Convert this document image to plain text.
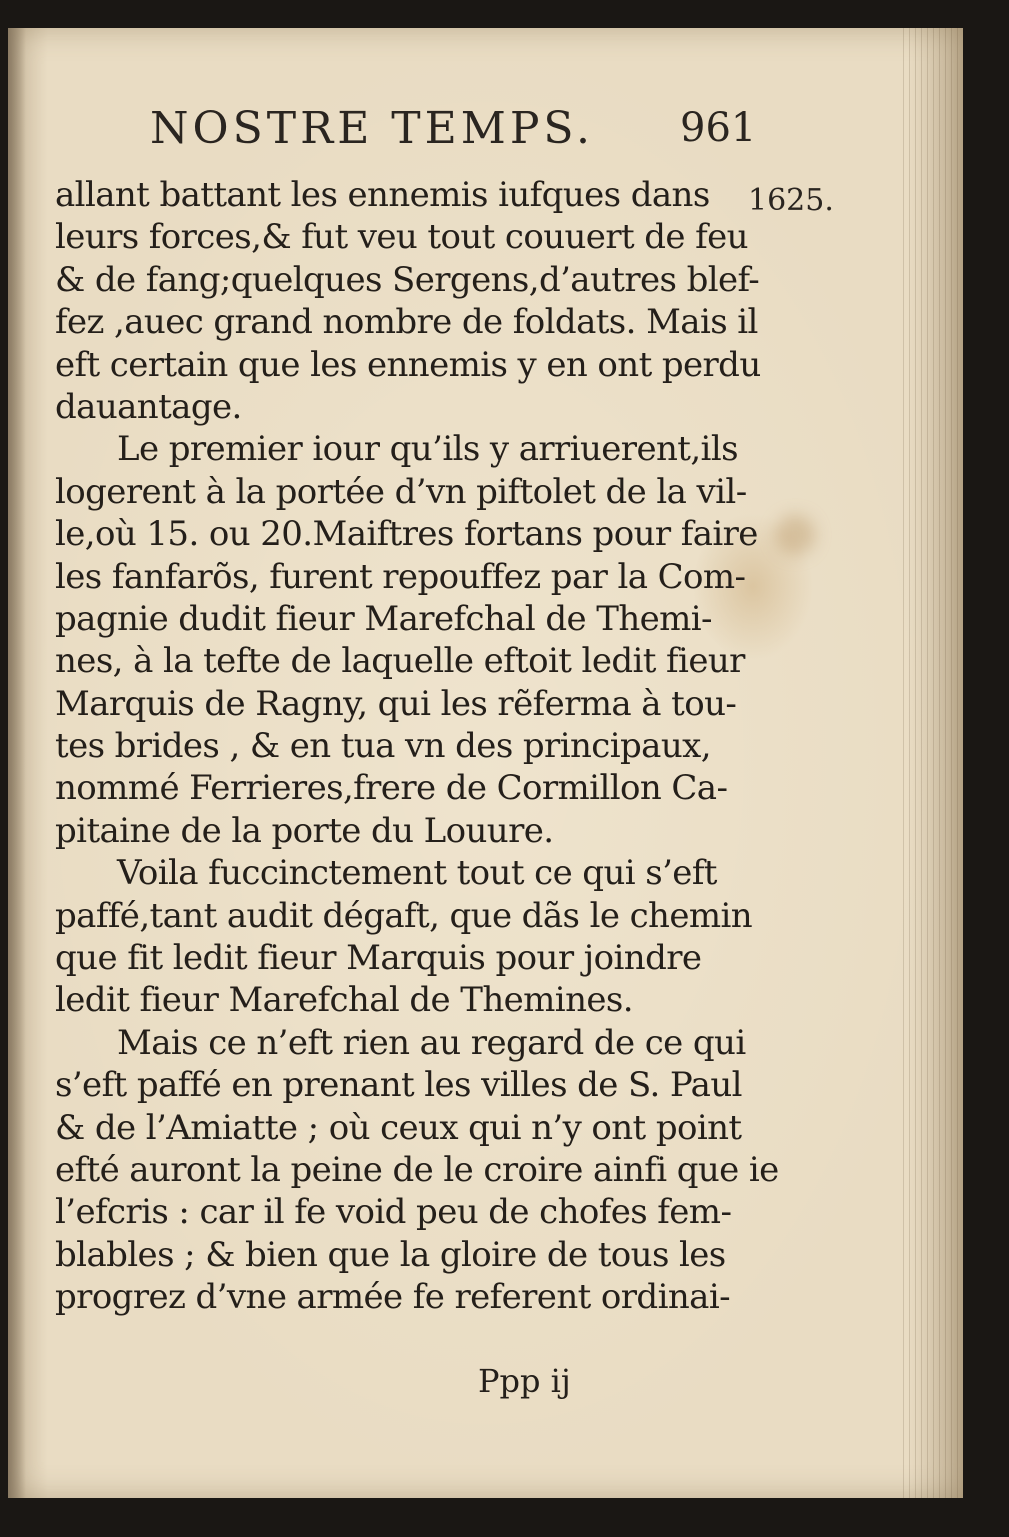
NOSTRE TEMPS. 961
1625.
allant battant les ennemis iufques dans
leurs forces,& fut veu tout couuert de feu
& de fang;quelques Sergens,d’autres blef-
fez ,auec grand nombre de foldats. Mais il
eft certain que les ennemis y en ont perdu
dauantage.
Le premier iour qu’ils y arriuerent,ils
logerent à la portée d’vn piftolet de la vil-
le,où 15. ou 20.Maiftres fortans pour faire
les fanfarõs, furent repouffez par la Com-
pagnie dudit fieur Marefchal de Themi-
nes, à la tefte de laquelle eftoit ledit fieur
Marquis de Ragny, qui les rẽferma à tou-
tes brides , & en tua vn des principaux,
nommé Ferrieres,frere de Cormillon Ca-
pitaine de la porte du Louure.
Voila fuccinctement tout ce qui s’eft
paffé,tant audit dégaft, que dãs le chemin
que fit ledit fieur Marquis pour joindre
ledit fieur Marefchal de Themines.
Mais ce n’eft rien au regard de ce qui
s’eft paffé en prenant les villes de S. Paul
& de l’Amiatte ; où ceux qui n’y ont point
efté auront la peine de le croire ainfi que ie
l’efcris : car il fe void peu de chofes fem-
blables ; & bien que la gloire de tous les
progrez d’vne armée fe referent ordinai-
Ppp ij
